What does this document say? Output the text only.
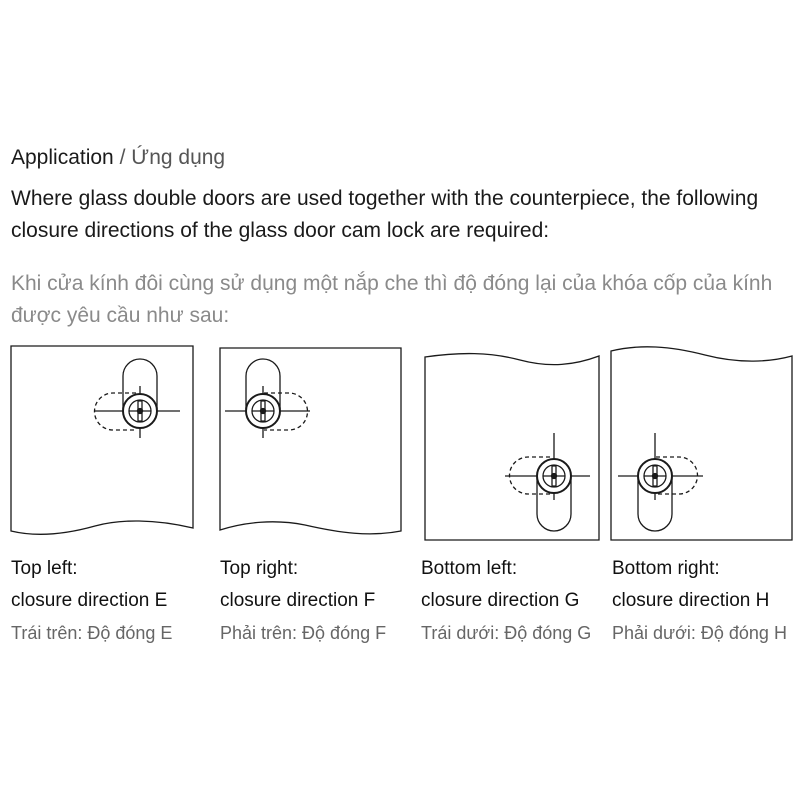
Application / Ứng dụng
Where glass double doors are used together with the counterpiece, the following
closure directions of the glass door cam lock are required:
Khi cửa kính đôi cùng sử dụng một nắp che thì độ đóng lại của khóa cốp của kính
được yêu cầu như sau:
Top left:
closure direction E
Trái trên: Độ đóng E
Top right:
closure direction F
Phải trên: Độ đóng F
Bottom left:
closure direction G
Trái dưới: Độ đóng G
Bottom right:
closure direction H
Phải dưới: Độ đóng H
